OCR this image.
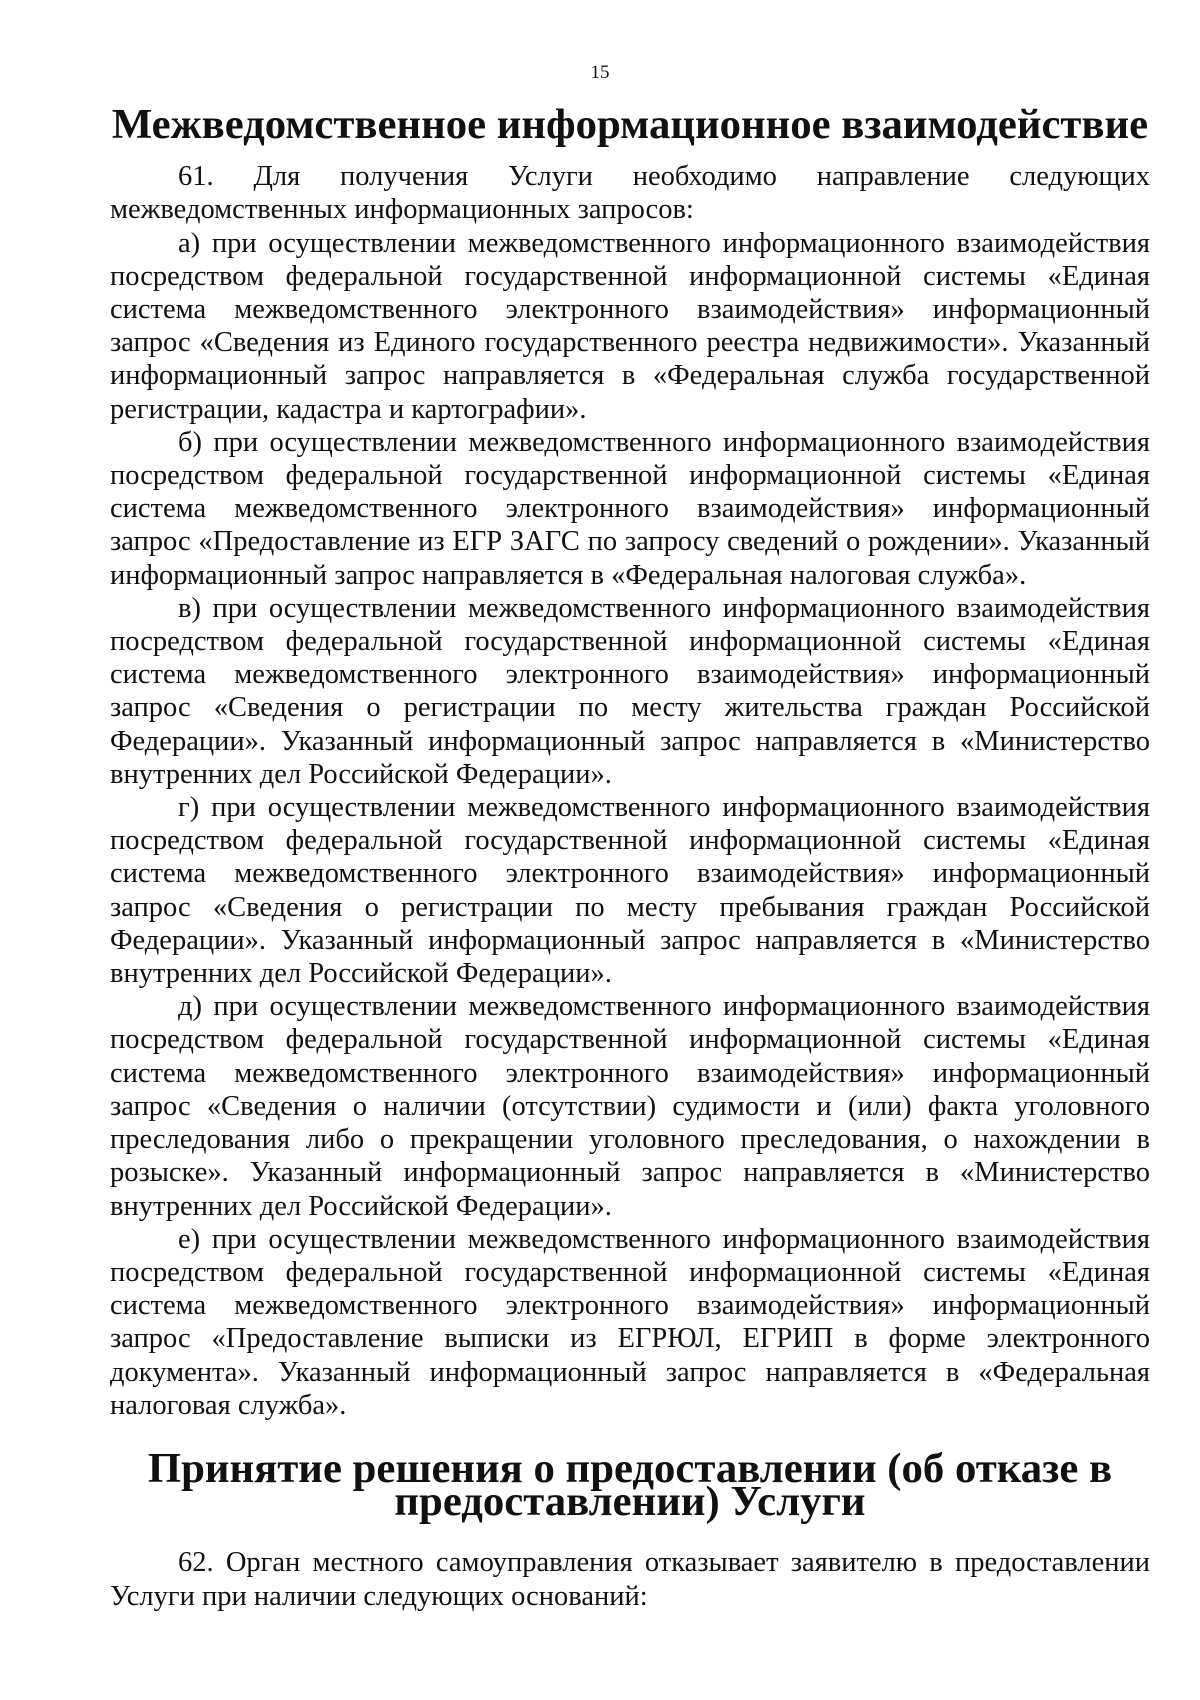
15
Межведомственное информационное взаимодействие

61. Для получения Услуги необходимо направление следующих межведомственных информационных запросов:

а) при осуществлении межведомственного информационного взаимодействия посредством федеральной государственной информационной системы «Единая система межведомственного электронного взаимодействия» информационный запрос «Сведения из Единого государственного реестра недвижимости». Указанный информационный запрос направляется в «Федеральная служба государственной регистрации, кадастра и картографии».

б) при осуществлении межведомственного информационного взаимодействия посредством федеральной государственной информационной системы «Единая система межведомственного электронного взаимодействия» информационный запрос «Предоставление из ЕГР ЗАГС по запросу сведений о рождении». Указанный информационный запрос направляется в «Федеральная налоговая служба».

в) при осуществлении межведомственного информационного взаимодействия посредством федеральной государственной информационной системы «Единая система межведомственного электронного взаимодействия» информационный запрос «Сведения о регистрации по месту жительства граждан Российской Федерации». Указанный информационный запрос направляется в «Министерство внутренних дел Российской Федерации».

г) при осуществлении межведомственного информационного взаимодействия посредством федеральной государственной информационной системы «Единая система межведомственного электронного взаимодействия» информационный запрос «Сведения о регистрации по месту пребывания граждан Российской Федерации». Указанный информационный запрос направляется в «Министерство внутренних дел Российской Федерации».

д) при осуществлении межведомственного информационного взаимодействия посредством федеральной государственной информационной системы «Единая система межведомственного электронного взаимодействия» информационный запрос «Сведения о наличии (отсутствии) судимости и (или) факта уголовного преследования либо о прекращении уголовного преследования, о нахождении в розыске». Указанный информационный запрос направляется в «Министерство внутренних дел Российской Федерации».

е) при осуществлении межведомственного информационного взаимодействия посредством федеральной государственной информационной системы «Единая система межведомственного электронного взаимодействия» информационный запрос «Предоставление выписки из ЕГРЮЛ, ЕГРИП в форме электронного документа». Указанный информационный запрос направляется в «Федеральная налоговая служба».

Принятие решения о предоставлении (об отказе в предоставлении) Услуги

62. Орган местного самоуправления отказывает заявителю в предоставлении Услуги при наличии следующих оснований:
